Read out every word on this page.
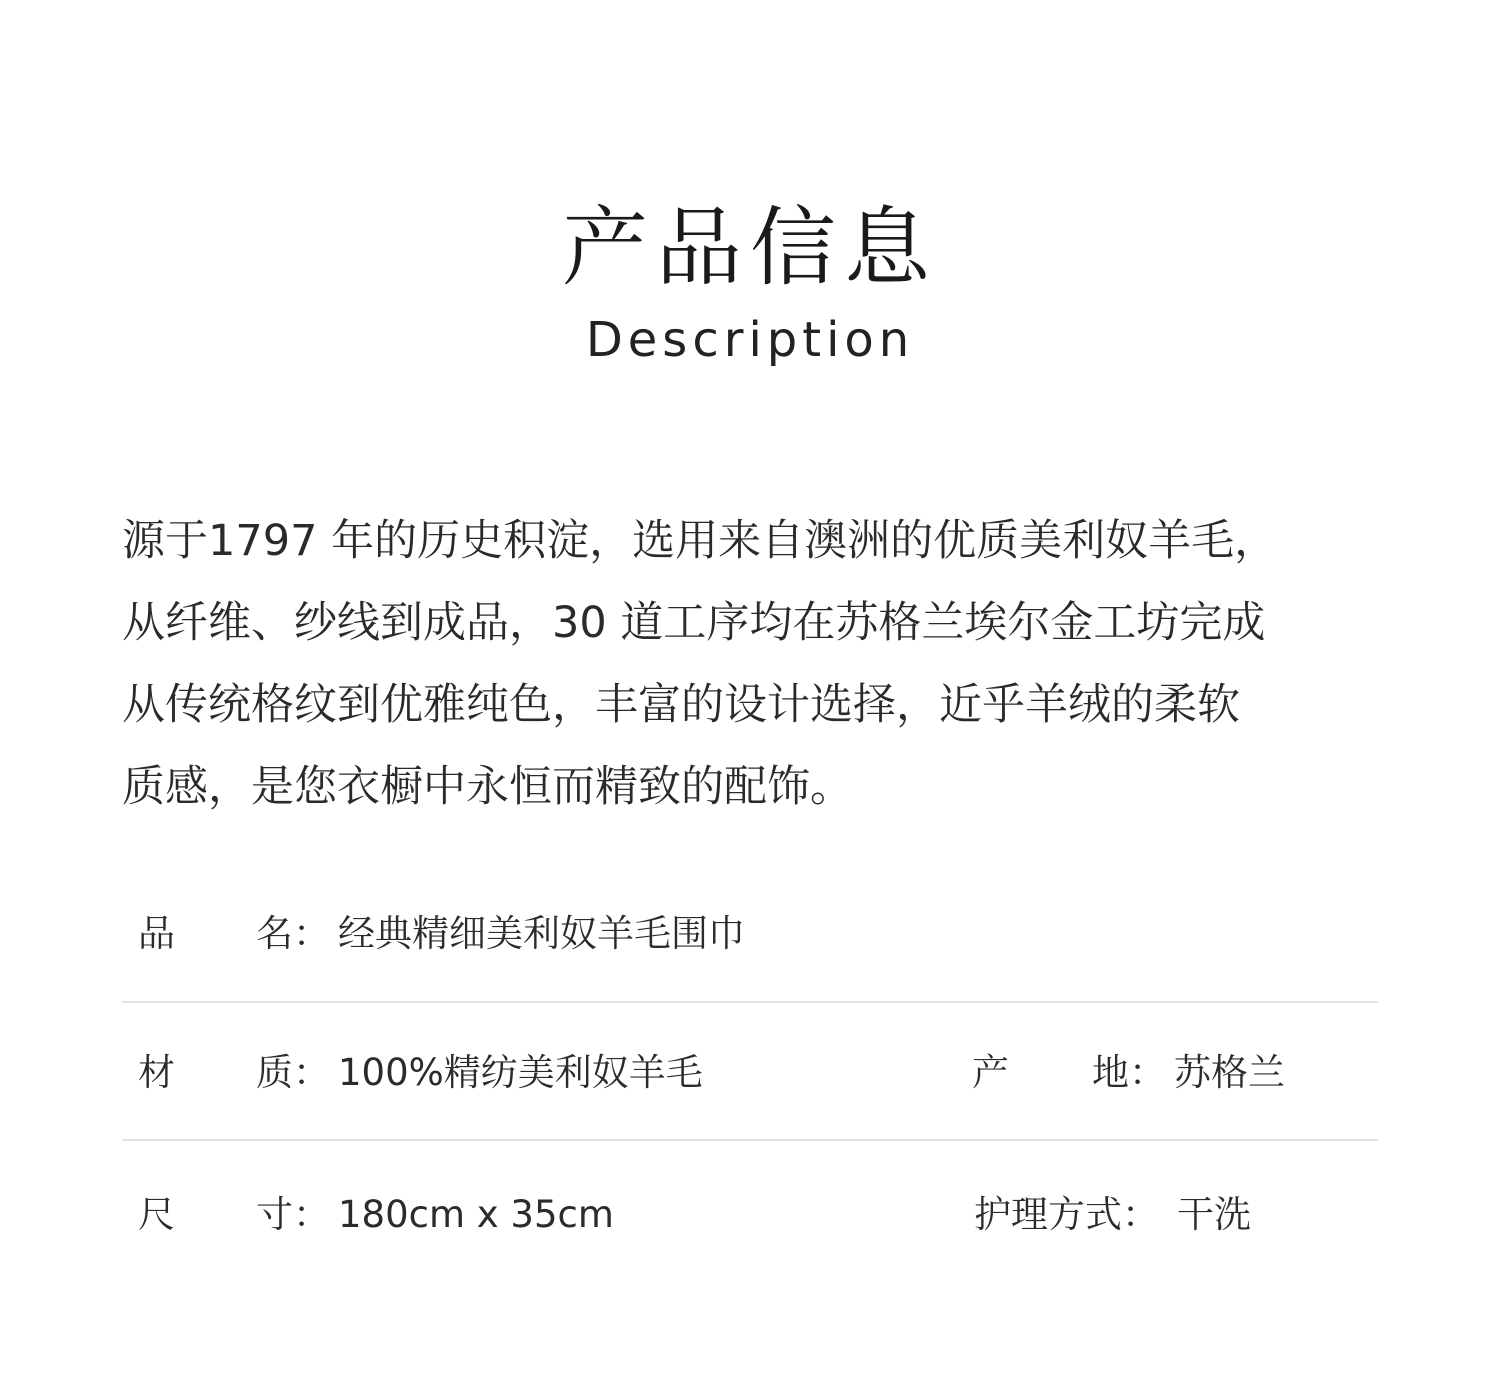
产品信息
Description
源于1797 年的历史积淀，选用来自澳洲的优质美利奴羊毛，
从纤维、纱线到成品，30 道工序均在苏格兰埃尔金工坊完成
从传统格纹到优雅纯色，丰富的设计选择，近乎羊绒的柔软
质感，是您衣橱中永恒而精致的配饰。
品 名： 经典精细美利奴羊毛围巾
材 质： 100%精纺美利奴羊毛	产 地： 苏格兰
尺 寸： 180cm x 35cm	护理方式： 干洗
